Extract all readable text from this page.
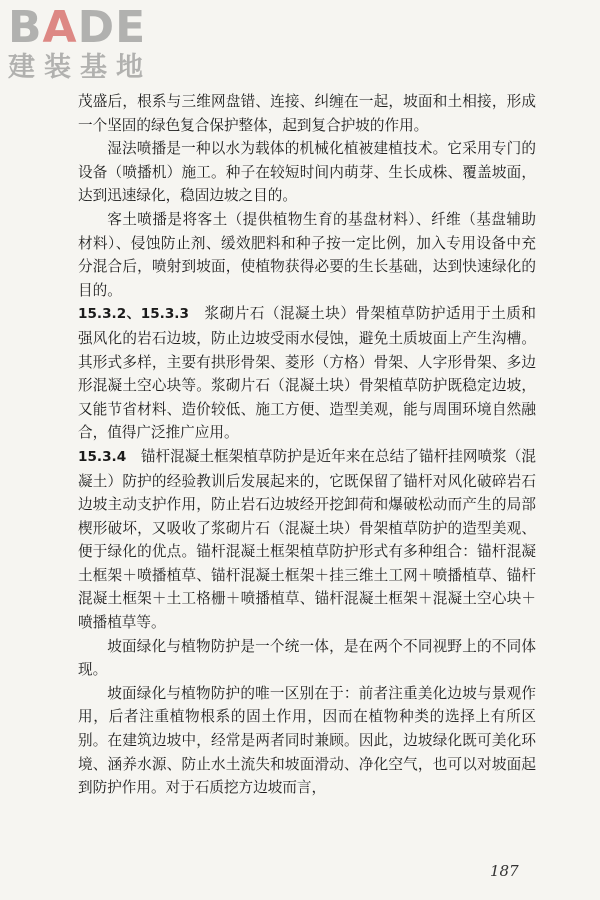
BADE
建装基地

茂盛后，根系与三维网盘错、连接、纠缠在一起，坡面和土相接，形成一个坚固的绿色复合保护整体，起到复合护坡的作用。

湿法喷播是一种以水为载体的机械化植被建植技术。它采用专门的设备（喷播机）施工。种子在较短时间内萌芽、生长成株、覆盖坡面，达到迅速绿化，稳固边坡之目的。

客土喷播是将客土（提供植物生育的基盘材料）、纤维（基盘辅助材料）、侵蚀防止剂、缓效肥料和种子按一定比例，加入专用设备中充分混合后，喷射到坡面，使植物获得必要的生长基础，达到快速绿化的目的。

15.3.2、15.3.3　浆砌片石（混凝土块）骨架植草防护适用于土质和强风化的岩石边坡，防止边坡受雨水侵蚀，避免土质坡面上产生沟槽。其形式多样，主要有拱形骨架、菱形（方格）骨架、人字形骨架、多边形混凝土空心块等。浆砌片石（混凝土块）骨架植草防护既稳定边坡，又能节省材料、造价较低、施工方便、造型美观，能与周围环境自然融合，值得广泛推广应用。

15.3.4　锚杆混凝土框架植草防护是近年来在总结了锚杆挂网喷浆（混凝土）防护的经验教训后发展起来的，它既保留了锚杆对风化破碎岩石边坡主动支护作用，防止岩石边坡经开挖卸荷和爆破松动而产生的局部楔形破坏，又吸收了浆砌片石（混凝土块）骨架植草防护的造型美观、便于绿化的优点。锚杆混凝土框架植草防护形式有多种组合：锚杆混凝土框架＋喷播植草、锚杆混凝土框架＋挂三维土工网＋喷播植草、锚杆混凝土框架＋土工格栅＋喷播植草、锚杆混凝土框架＋混凝土空心块＋喷播植草等。

坡面绿化与植物防护是一个统一体，是在两个不同视野上的不同体现。

坡面绿化与植物防护的唯一区别在于：前者注重美化边坡与景观作用，后者注重植物根系的固土作用，因而在植物种类的选择上有所区别。在建筑边坡中，经常是两者同时兼顾。因此，边坡绿化既可美化环境、涵养水源、防止水土流失和坡面滑动、净化空气，也可以对坡面起到防护作用。对于石质挖方边坡而言，

187
